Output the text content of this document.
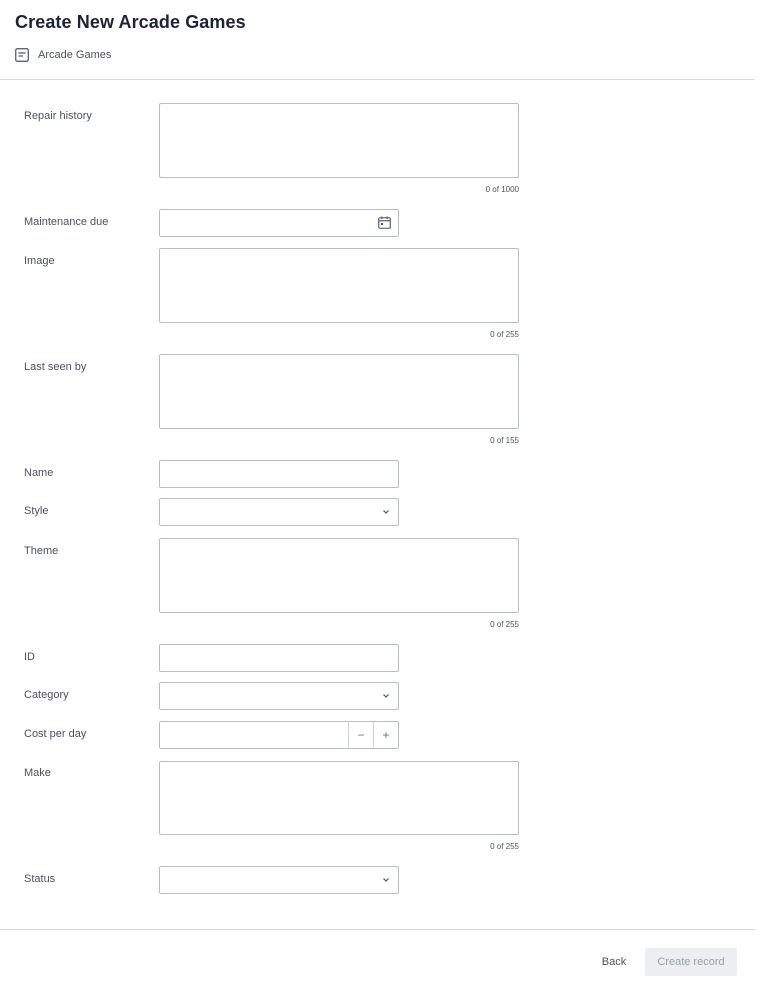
Create New Arcade Games
Arcade Games
Repair history
0 of 1000
Maintenance due
Image
0 of 255
Last seen by
0 of 155
Name
Style
Theme
0 of 255
ID
Category
Cost per day	−	+
Make
0 of 255
Status
Back	Create record
